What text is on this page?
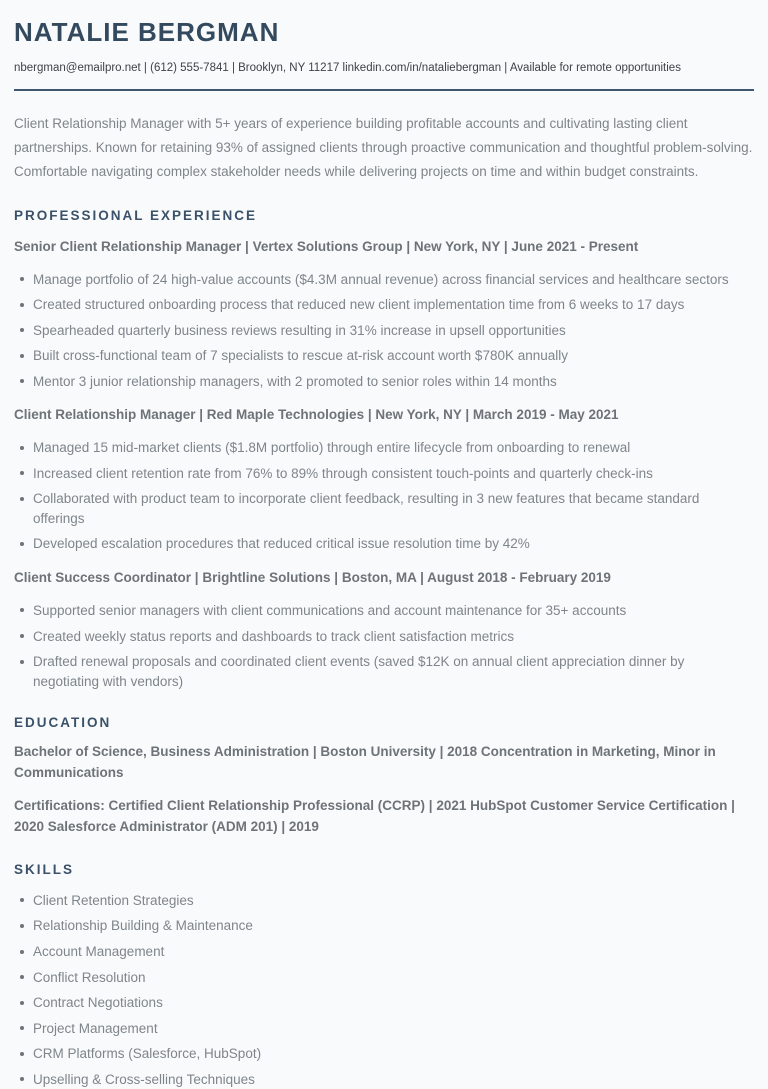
NATALIE BERGMAN
nbergman@emailpro.net | (612) 555-7841 | Brooklyn, NY 11217 linkedin.com/in/nataliebergman | Available for remote opportunities

Client Relationship Manager with 5+ years of experience building profitable accounts and cultivating lasting client partnerships. Known for retaining 93% of assigned clients through proactive communication and thoughtful problem-solving. Comfortable navigating complex stakeholder needs while delivering projects on time and within budget constraints.

PROFESSIONAL EXPERIENCE
Senior Client Relationship Manager | Vertex Solutions Group | New York, NY | June 2021 - Present
Manage portfolio of 24 high-value accounts ($4.3M annual revenue) across financial services and healthcare sectors
Created structured onboarding process that reduced new client implementation time from 6 weeks to 17 days
Spearheaded quarterly business reviews resulting in 31% increase in upsell opportunities
Built cross-functional team of 7 specialists to rescue at-risk account worth $780K annually
Mentor 3 junior relationship managers, with 2 promoted to senior roles within 14 months
Client Relationship Manager | Red Maple Technologies | New York, NY | March 2019 - May 2021
Managed 15 mid-market clients ($1.8M portfolio) through entire lifecycle from onboarding to renewal
Increased client retention rate from 76% to 89% through consistent touch-points and quarterly check-ins
Collaborated with product team to incorporate client feedback, resulting in 3 new features that became standard offerings
Developed escalation procedures that reduced critical issue resolution time by 42%
Client Success Coordinator | Brightline Solutions | Boston, MA | August 2018 - February 2019
Supported senior managers with client communications and account maintenance for 35+ accounts
Created weekly status reports and dashboards to track client satisfaction metrics
Drafted renewal proposals and coordinated client events (saved $12K on annual client appreciation dinner by negotiating with vendors)
EDUCATION
Bachelor of Science, Business Administration | Boston University | 2018 Concentration in Marketing, Minor in Communications
Certifications: Certified Client Relationship Professional (CCRP) | 2021 HubSpot Customer Service Certification | 2020 Salesforce Administrator (ADM 201) | 2019
SKILLS
Client Retention Strategies
Relationship Building & Maintenance
Account Management
Conflict Resolution
Contract Negotiations
Project Management
CRM Platforms (Salesforce, HubSpot)
Upselling & Cross-selling Techniques
